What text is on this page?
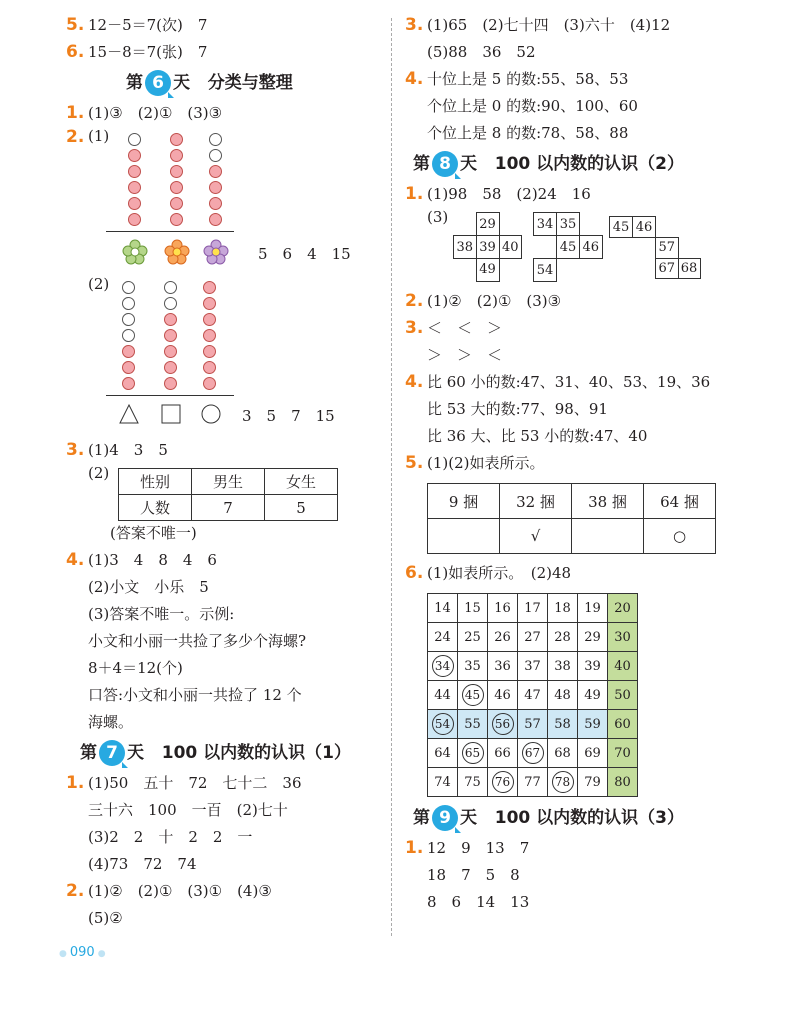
5. 12－5＝7(次)　7
6. 15－8＝7(张)　7
第 6 天 分类与整理
1. (1)③　(2)①　(3)③
2. (1)
5　6　4　15
(2)
3　5　7　15
3. (1)4　3　5
(2) 性别	男生	女生
人数	7	5
(答案不唯一)
4. (1)3　4　8　4　6
(2)小文　小乐　5
(3)答案不唯一。示例:
小文和小丽一共捡了多少个海螺?
8＋4＝12(个)
口答:小文和小丽一共捡了 12 个
海螺。
第 7 天 100 以内数的认识（1）
1. (1)50　五十　72　七十二　36
三十六　100　一百　(2)七十
(3)2　2　十　2　2　一
(4)73　72　74
2. (1)②　(2)①　(3)①　(4)③
(5)②
3. (1)65　(2)七十四　(3)六十　(4)12
(5)88　36　52
4. 十位上是 5 的数:55、58、53
个位上是 0 的数:90、100、60
个位上是 8 的数:78、58、88
第 8 天 100 以内数的认识（2）
1. (1)98　58　(2)24　16
(3)
	29	
38	39	40
	49	
34	35	
	45	46
54		
45	46		
		57	
		67	68
2. (1)②　(2)①　(3)③
3. ＜　＜　＞
＞　＞　＜
4. 比 60 小的数:47、31、40、53、19、36
比 53 大的数:77、98、91
比 36 大、比 53 小的数:47、40
5. (1)(2)如表所示。
9 捆	32 捆	38 捆	64 捆
	√		○
6. (1)如表所示。　(2)48
14	15	16	17	18	19	20
24	25	26	27	28	29	30
34	35	36	37	38	39	40
44	45	46	47	48	49	50
54	55	56	57	58	59	60
64	65	66	67	68	69	70
74	75	76	77	78	79	80
第 9 天 100 以内数的认识（3）
1. 12　9　13　7
18　7　5　8
8　6　14　13
● 090 ●
